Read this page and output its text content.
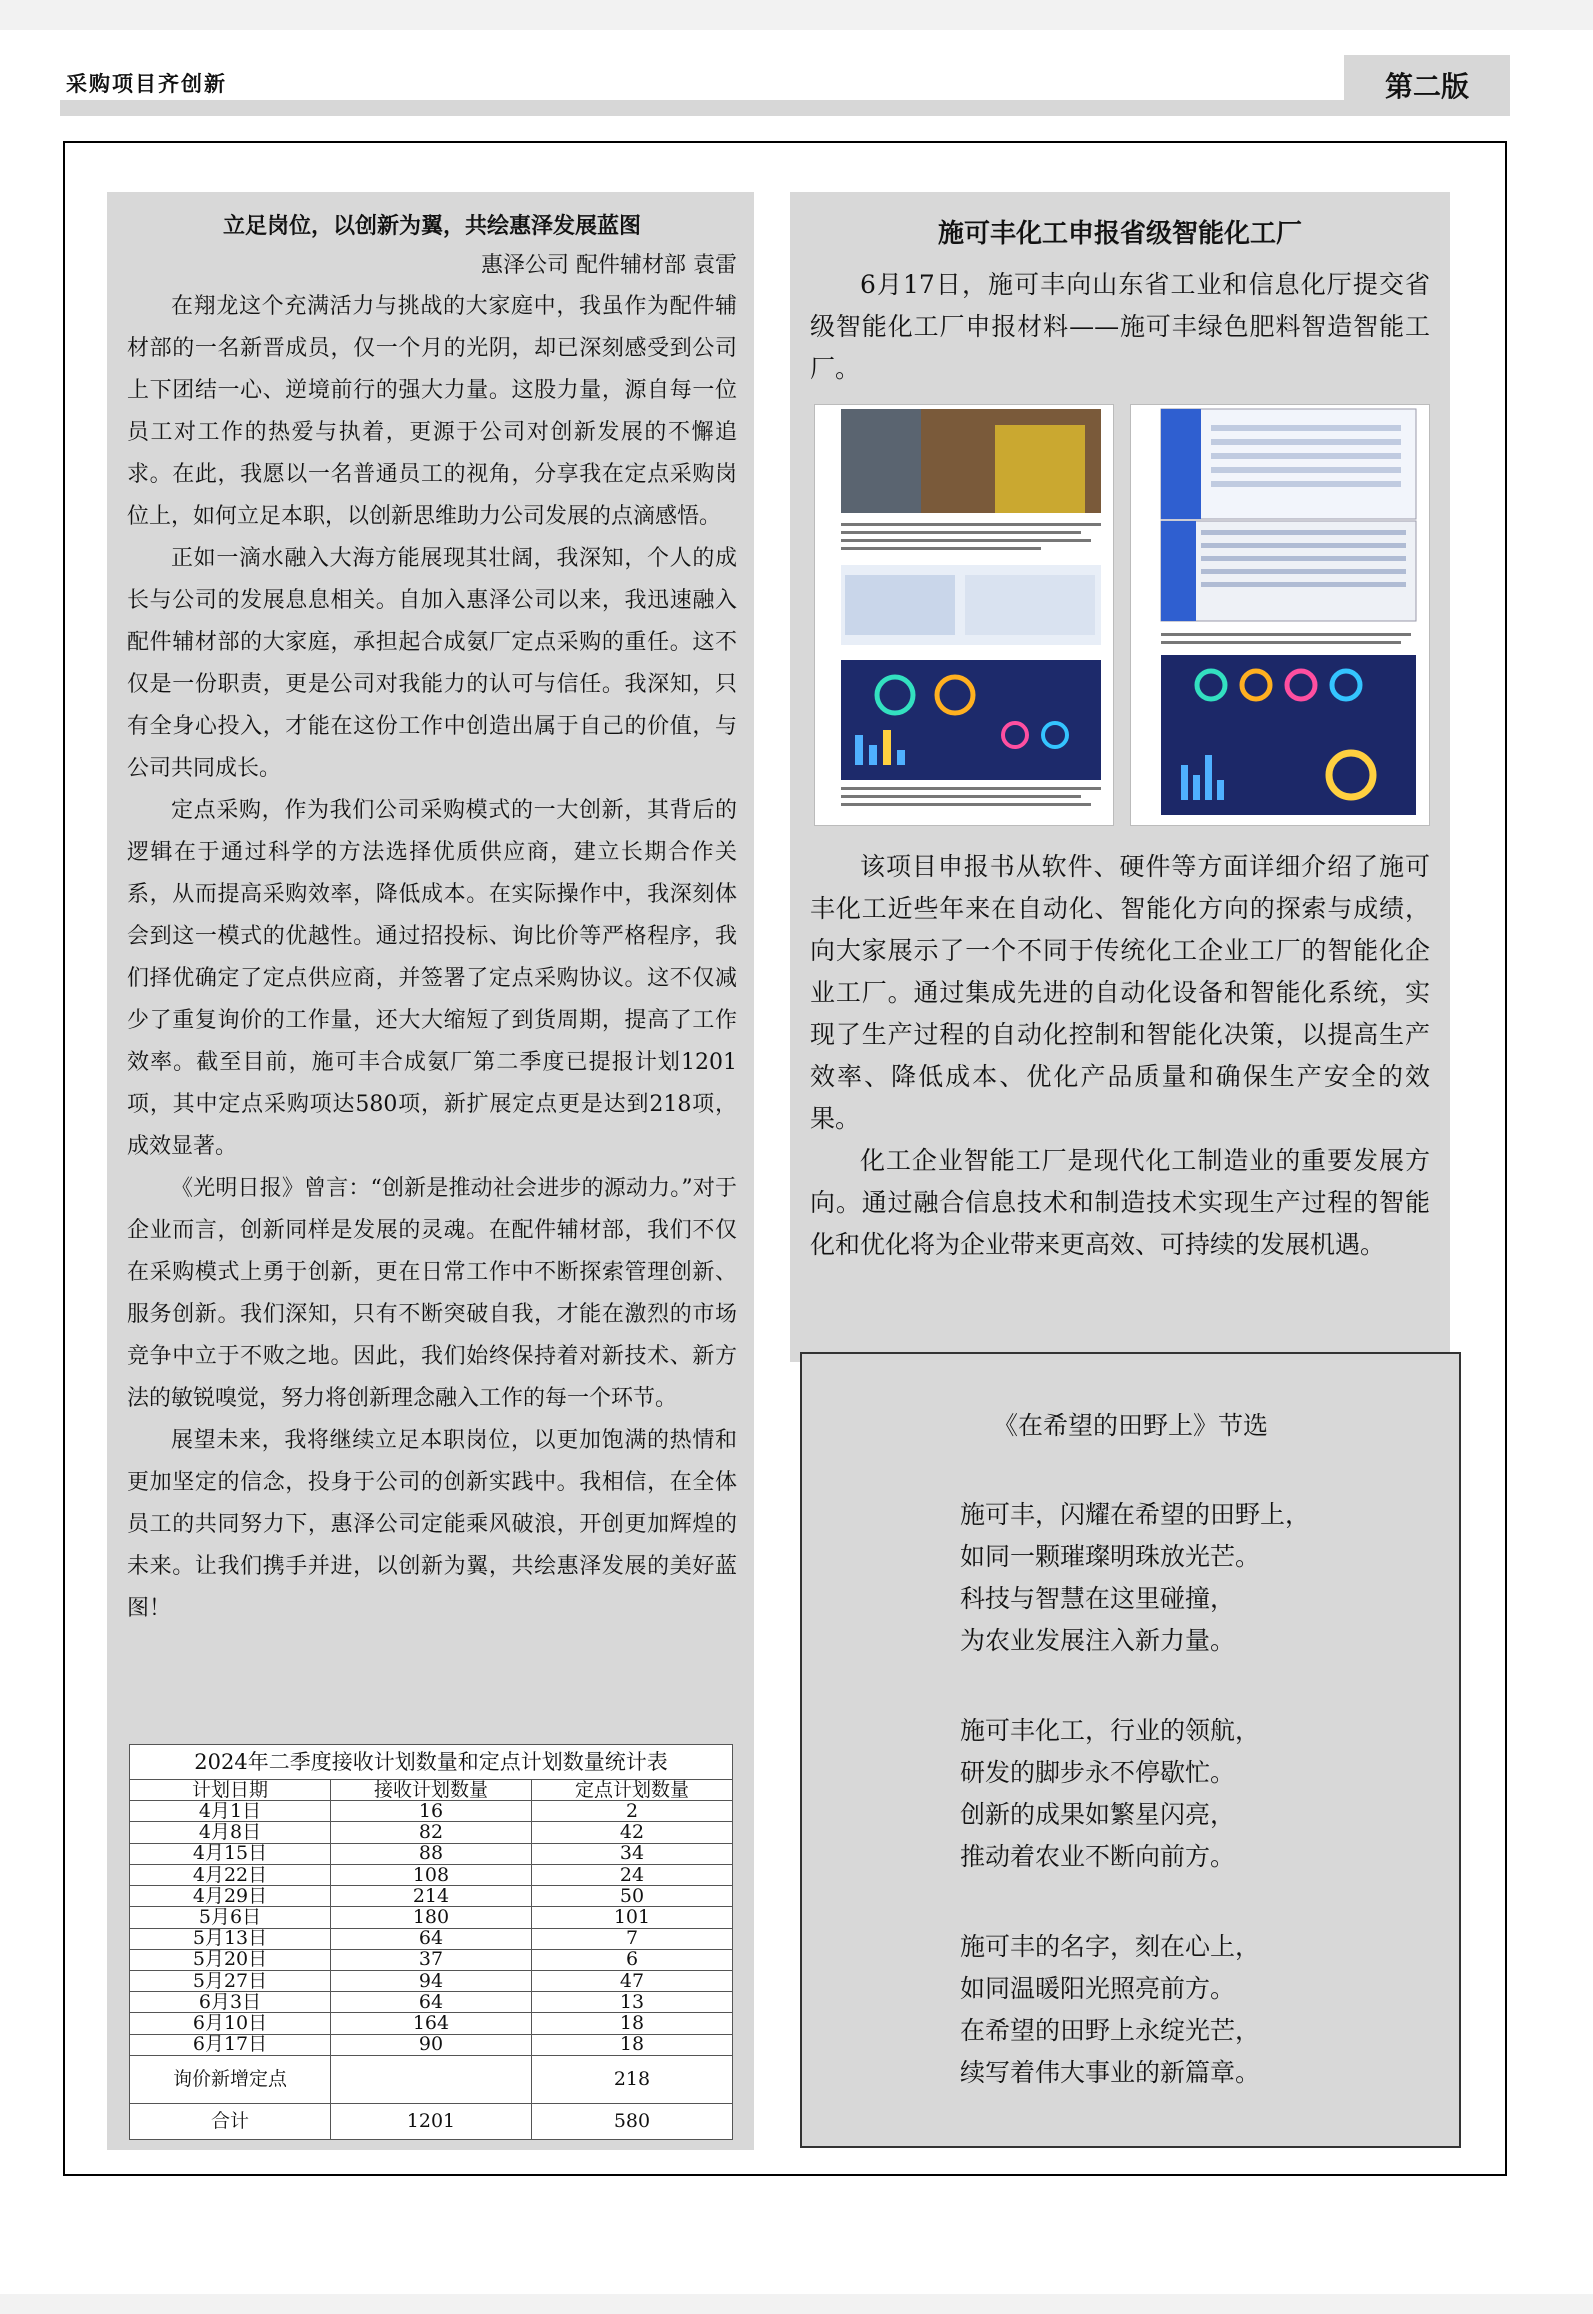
采购项目齐创新	第二版

立足岗位，以创新为翼，共绘惠泽发展蓝图

惠泽公司 配件辅材部 袁雷

在翔龙这个充满活力与挑战的大家庭中，我虽作为配件辅材部的一名新晋成员，仅一个月的光阴，却已深刻感受到公司上下团结一心、逆境前行的强大力量。这股力量，源自每一位员工对工作的热爱与执着，更源于公司对创新发展的不懈追求。在此，我愿以一名普通员工的视角，分享我在定点采购岗位上，如何立足本职，以创新思维助力公司发展的点滴感悟。

正如一滴水融入大海方能展现其壮阔，我深知，个人的成长与公司的发展息息相关。自加入惠泽公司以来，我迅速融入配件辅材部的大家庭，承担起合成氨厂定点采购的重任。这不仅是一份职责，更是公司对我能力的认可与信任。我深知，只有全身心投入，才能在这份工作中创造出属于自己的价值，与公司共同成长。

定点采购，作为我们公司采购模式的一大创新，其背后的逻辑在于通过科学的方法选择优质供应商，建立长期合作关系，从而提高采购效率，降低成本。在实际操作中，我深刻体会到这一模式的优越性。通过招投标、询比价等严格程序，我们择优确定了定点供应商，并签署了定点采购协议。这不仅减少了重复询价的工作量，还大大缩短了到货周期，提高了工作效率。截至目前，施可丰合成氨厂第二季度已提报计划1201项，其中定点采购项达580项，新扩展定点更是达到218项，成效显著。

《光明日报》曾言：“创新是推动社会进步的源动力。”对于企业而言，创新同样是发展的灵魂。在配件辅材部，我们不仅在采购模式上勇于创新，更在日常工作中不断探索管理创新、服务创新。我们深知，只有不断突破自我，才能在激烈的市场竞争中立于不败之地。因此，我们始终保持着对新技术、新方法的敏锐嗅觉，努力将创新理念融入工作的每一个环节。

展望未来，我将继续立足本职岗位，以更加饱满的热情和更加坚定的信念，投身于公司的创新实践中。我相信，在全体员工的共同努力下，惠泽公司定能乘风破浪，开创更加辉煌的未来。让我们携手并进，以创新为翼，共绘惠泽发展的美好蓝图！

2024年二季度接收计划数量和定点计划数量统计表		
计划日期	接收计划数量	定点计划数量
4月1日	16	2
4月8日	82	42
4月15日	88	34
4月22日	108	24
4月29日	214	50
5月6日	180	101
5月13日	64	7
5月20日	37	6
5月27日	94	47
6月3日	64	13
6月10日	164	18
6月17日	90	18
询价新增定点		218
合计	1201	580

施可丰化工申报省级智能化工厂

6月17日，施可丰向山东省工业和信息化厅提交省级智能化工厂申报材料——施可丰绿色肥料智造智能工厂。

该项目申报书从软件、硬件等方面详细介绍了施可丰化工近些年来在自动化、智能化方向的探索与成绩，向大家展示了一个不同于传统化工企业工厂的智能化企业工厂。通过集成先进的自动化设备和智能化系统，实现了生产过程的自动化控制和智能化决策，以提高生产效率、降低成本、优化产品质量和确保生产安全的效果。

化工企业智能工厂是现代化工制造业的重要发展方向。通过融合信息技术和制造技术实现生产过程的智能化和优化将为企业带来更高效、可持续的发展机遇。

《在希望的田野上》节选
施可丰，闪耀在希望的田野上，
如同一颗璀璨明珠放光芒。
科技与智慧在这里碰撞，
为农业发展注入新力量。
施可丰化工，行业的领航，
研发的脚步永不停歇忙。
创新的成果如繁星闪亮，
推动着农业不断向前方。
施可丰的名字，刻在心上，
如同温暖阳光照亮前方。
在希望的田野上永绽光芒，
续写着伟大事业的新篇章。
